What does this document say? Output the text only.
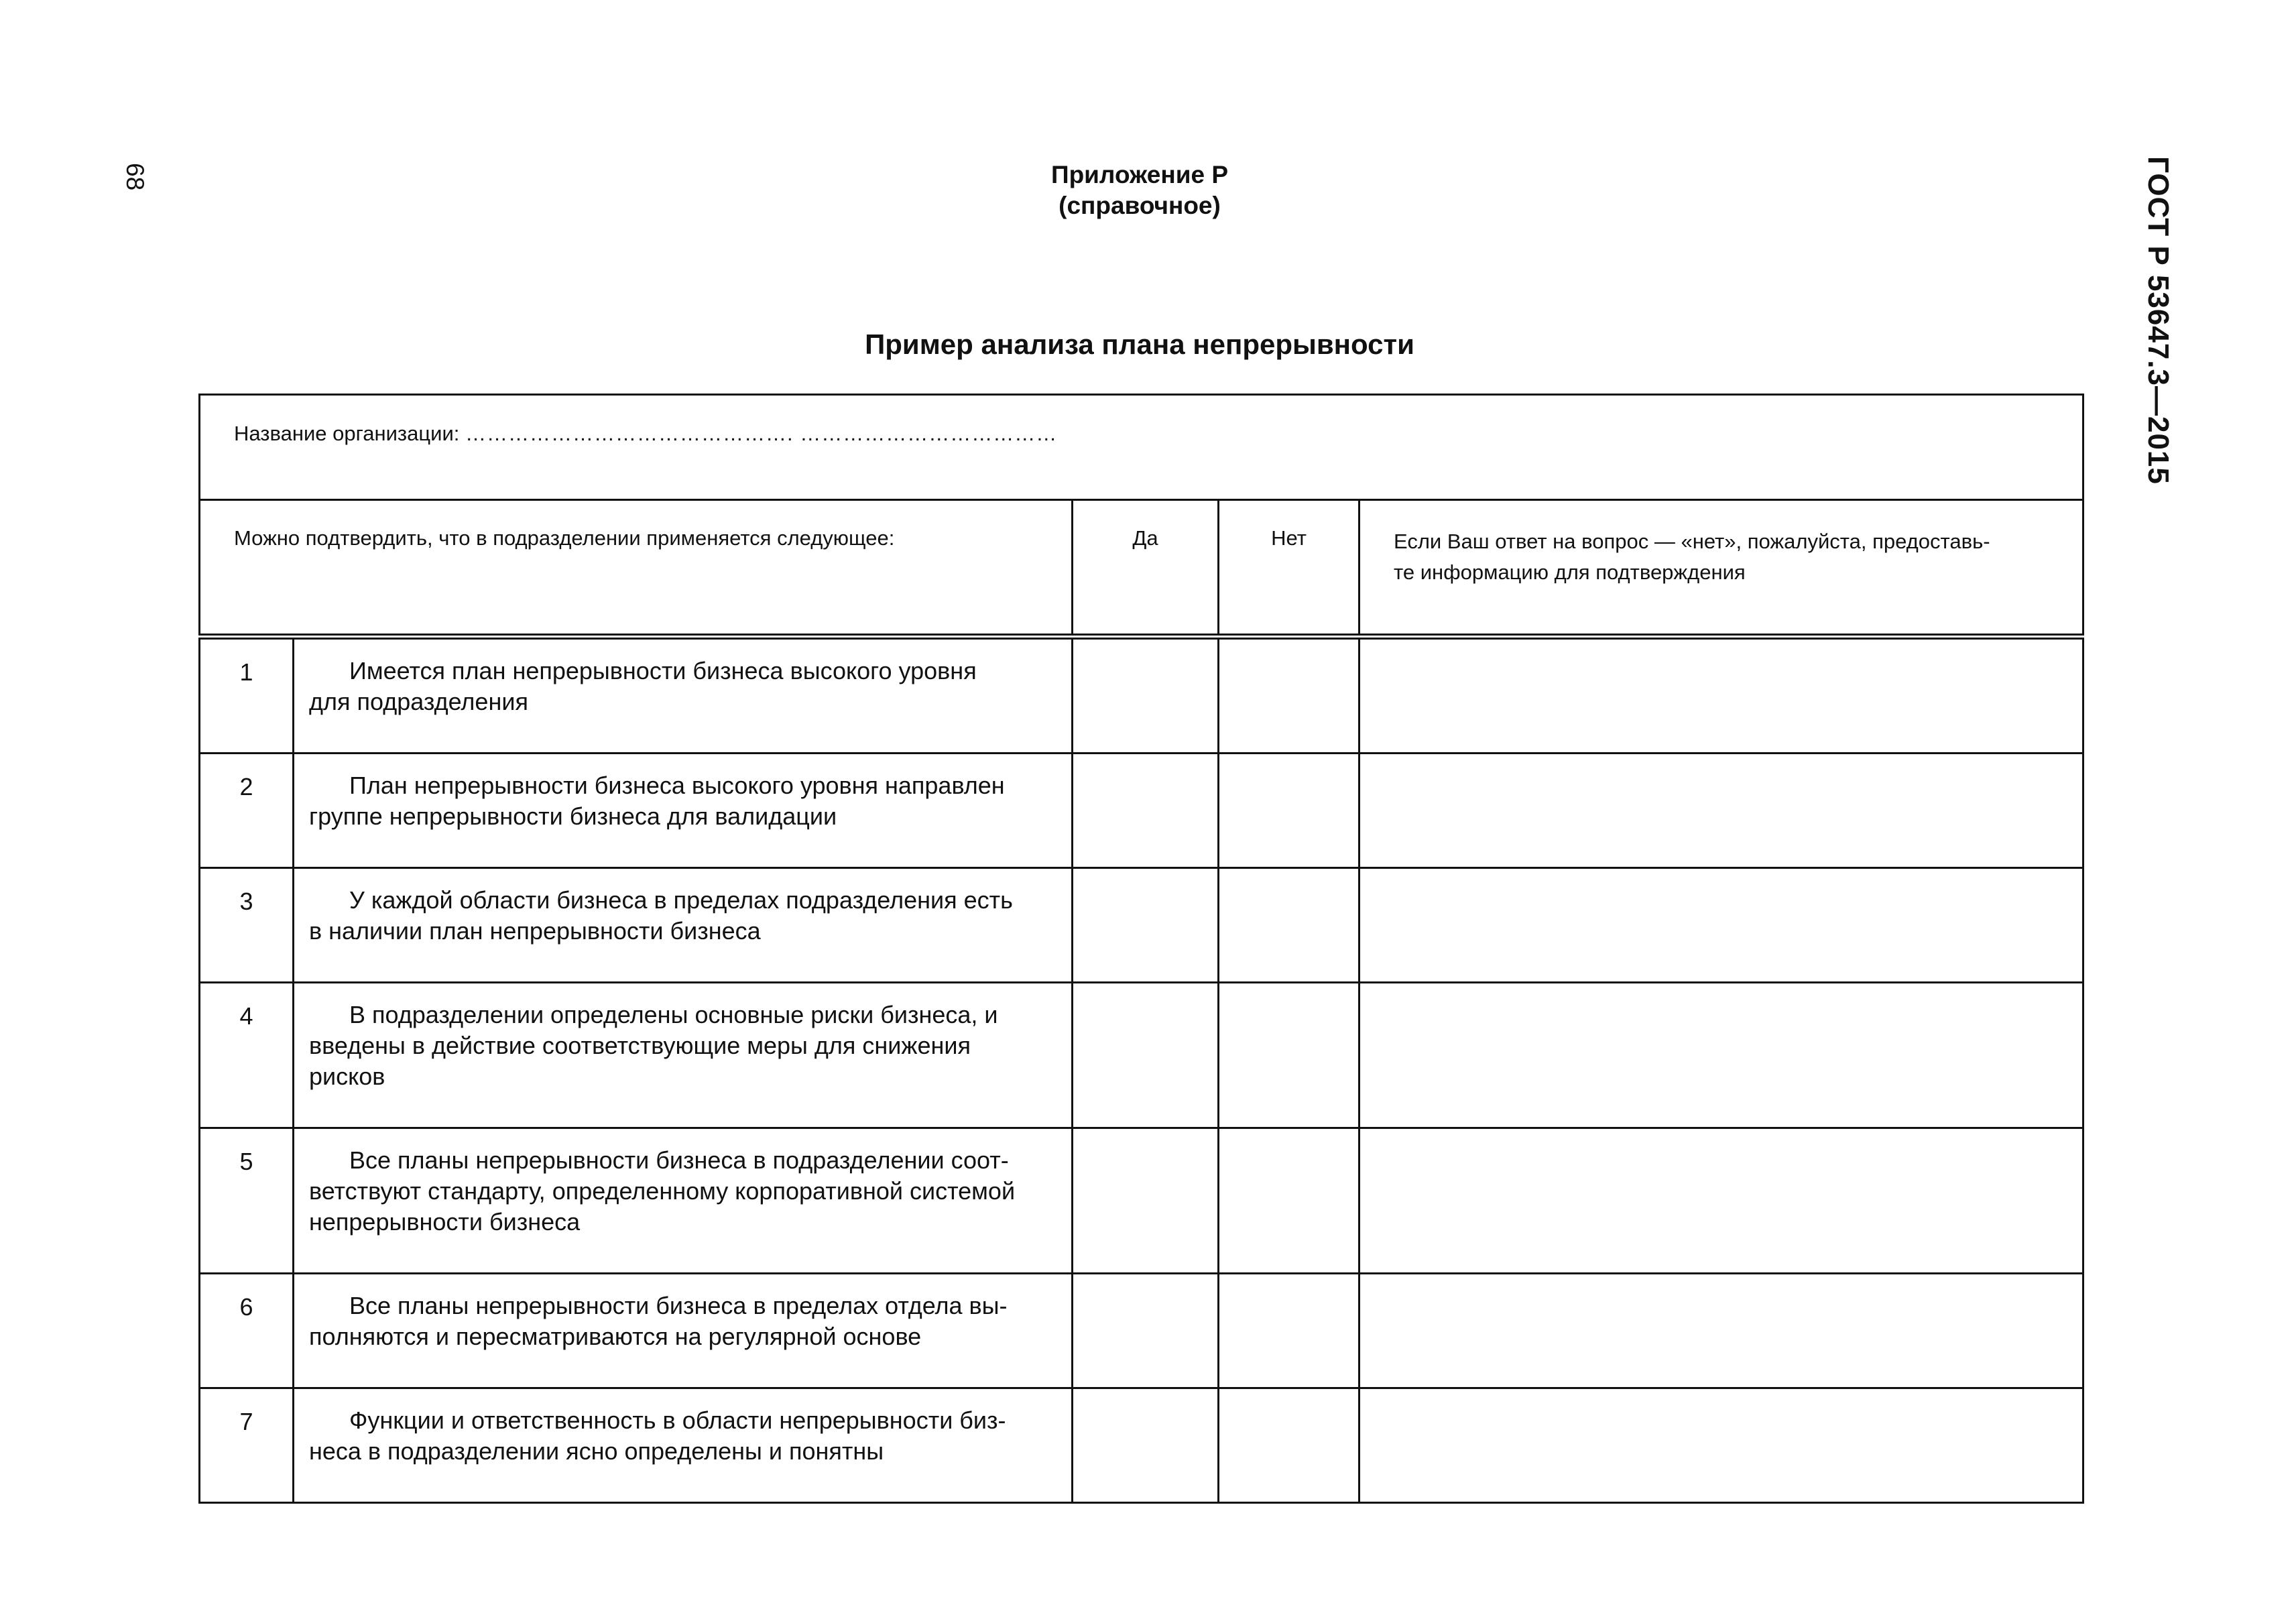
68	ГОСТ Р 53647.3—2015
Приложение Р
(справочное)
Пример анализа плана непрерывности
Название организации: ………………………………………. ………………………………				
Можно подтвердить, что в подразделении применяется следующее:		Да	Нет	Если Ваш ответ на вопрос — «нет», пожалуйста, предоставь-
те информацию для подтверждения

1	Имеется план непрерывности бизнеса высокого уровня
для подразделения			

2	План непрерывности бизнеса высокого уровня направлен
группе непрерывности бизнеса для валидации			

3	У каждой области бизнеса в пределах подразделения есть
в наличии план непрерывности бизнеса			

4	В подразделении определены основные риски бизнеса, и
введены в действие соответствующие меры для снижения
рисков			

5	Все планы непрерывности бизнеса в подразделении соот-
ветствуют стандарту, определенному корпоративной системой
непрерывности бизнеса			

6	Все планы непрерывности бизнеса в пределах отдела вы-
полняются и пересматриваются на регулярной основе			

7	Функции и ответственность в области непрерывности биз-
неса в подразделении ясно определены и понятны			
